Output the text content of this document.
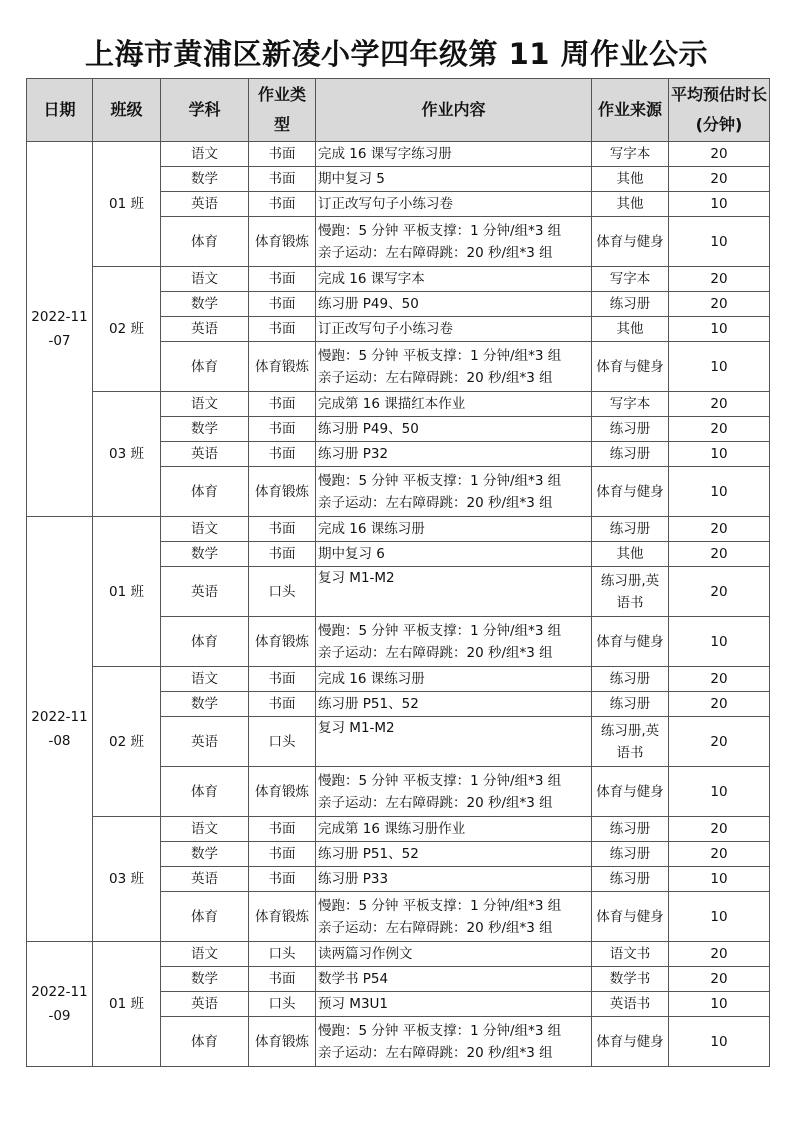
上海市黄浦区新凌小学四年级第 11 周作业公示
日期	班级	学科	作业类型	作业内容	作业来源	平均预估时长(分钟)
2022-11-07	01 班	语文	书面	完成 16 课写字练习册	写字本	20
		数学	书面	期中复习 5	其他	20
		英语	书面	订正改写句子小练习卷	其他	10
		体育	体育锻炼	慢跑：5 分钟 平板支撑：1 分钟/组*3 组
亲子运动：左右障碍跳：20 秒/组*3 组	体育与健身	10
	02 班	语文	书面	完成 16 课写字本	写字本	20
		数学	书面	练习册 P49、50	练习册	20
		英语	书面	订正改写句子小练习卷	其他	10
		体育	体育锻炼	慢跑：5 分钟 平板支撑：1 分钟/组*3 组
亲子运动：左右障碍跳：20 秒/组*3 组	体育与健身	10
	03 班	语文	书面	完成第 16 课描红本作业	写字本	20
		数学	书面	练习册 P49、50	练习册	20
		英语	书面	练习册 P32	练习册	10
		体育	体育锻炼	慢跑：5 分钟 平板支撑：1 分钟/组*3 组
亲子运动：左右障碍跳：20 秒/组*3 组	体育与健身	10
2022-11-08	01 班	语文	书面	完成 16 课练习册	练习册	20
		数学	书面	期中复习 6	其他	20
		英语	口头	复习 M1-M2	练习册,英
语书	20
		体育	体育锻炼	慢跑：5 分钟 平板支撑：1 分钟/组*3 组
亲子运动：左右障碍跳：20 秒/组*3 组	体育与健身	10
	02 班	语文	书面	完成 16 课练习册	练习册	20
		数学	书面	练习册 P51、52	练习册	20
		英语	口头	复习 M1-M2	练习册,英
语书	20
		体育	体育锻炼	慢跑：5 分钟 平板支撑：1 分钟/组*3 组
亲子运动：左右障碍跳：20 秒/组*3 组	体育与健身	10
	03 班	语文	书面	完成第 16 课练习册作业	练习册	20
		数学	书面	练习册 P51、52	练习册	20
		英语	书面	练习册 P33	练习册	10
		体育	体育锻炼	慢跑：5 分钟 平板支撑：1 分钟/组*3 组
亲子运动：左右障碍跳：20 秒/组*3 组	体育与健身	10
2022-11-09	01 班	语文	口头	读两篇习作例文	语文书	20
		数学	书面	数学书 P54	数学书	20
		英语	口头	预习 M3U1	英语书	10
		体育	体育锻炼	慢跑：5 分钟 平板支撑：1 分钟/组*3 组
亲子运动：左右障碍跳：20 秒/组*3 组	体育与健身	10
